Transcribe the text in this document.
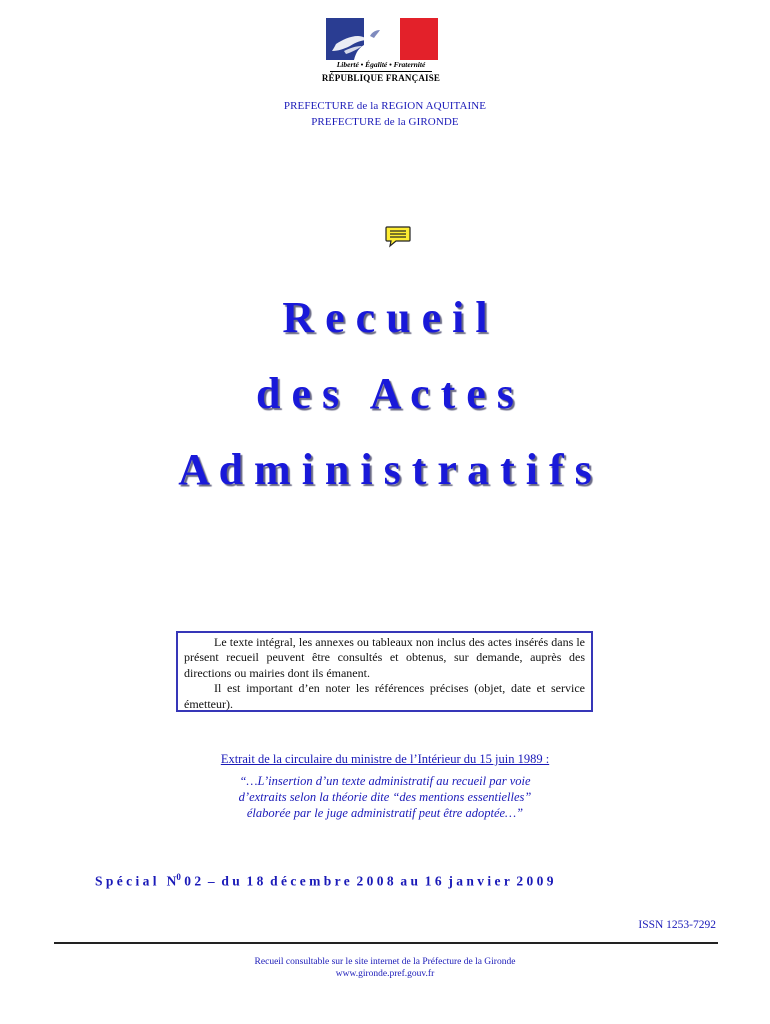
Liberté • Égalité • Fraternité
RÉPUBLIQUE FRANÇAISE
PREFECTURE de la REGION AQUITAINE
PREFECTURE de la GIRONDE
R e c u e i l
d e s   A c t e s
A d m i n i s t r a t i f s

Le texte intégral, les annexes ou tableaux non inclus des actes insérés dans le présent recueil peuvent être consultés et obtenus, sur demande, auprès des directions ou mairies dont ils émanent.

Il est important d’en noter les références précises (objet, date et service émetteur).

Extrait de la circulaire du ministre de l’Intérieur du 15 juin 1989 :
“…L’insertion d’un texte administratif au recueil par voie
d’extraits selon la théorie dite “des mentions essentielles”
élaborée par le juge administratif peut être adoptée…”
S p é c i a l   $N^0$ 0 2  –  d u  1 8  d é c e m b r e  2 0 0 8  a u  1 6  j a n v i e r  2 0 0 9
ISSN 1253-7292
Recueil consultable sur le site internet de la Préfecture de la Gironde
www.gironde.pref.gouv.fr
